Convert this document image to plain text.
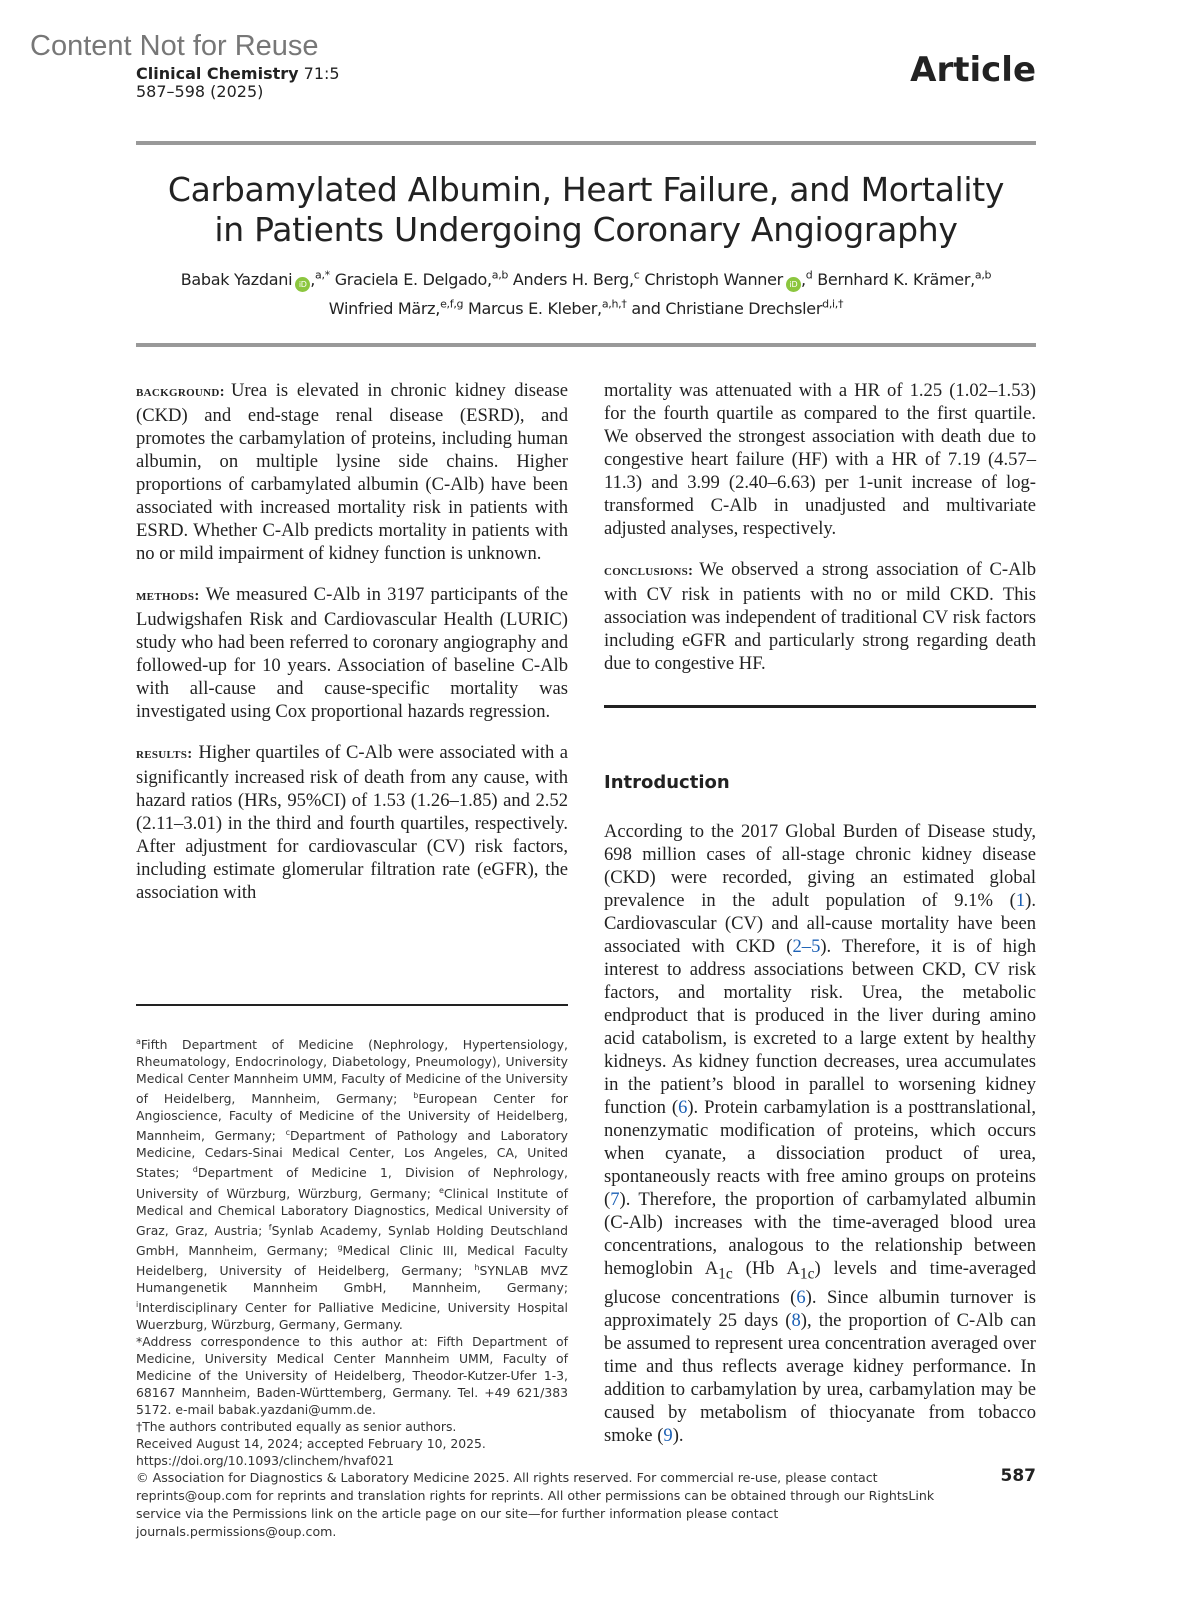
Content Not for Reuse
Clinical Chemistry 71:5
587–598 (2025)
Article
Carbamylated Albumin, Heart Failure, and Mortality
in Patients Undergoing Coronary Angiography
Babak Yazdani iD ,$^{a,*}$ Graciela E. Delgado,$^{a,b}$ Anders H. Berg,$^c$ Christoph Wanner iD ,$^d$ Bernhard K. Krämer,$^{a,b}$
Winfried März,$^{e,f,g}$ Marcus E. Kleber,$^{a,h,\dagger}$ and Christiane Drechsler$^{d,i,\dagger}$

background: Urea is elevated in chronic kidney disease (CKD) and end-stage renal disease (ESRD), and promotes the carbamylation of proteins, including human albumin, on multiple lysine side chains. Higher proportions of carbamylated albumin (C-Alb) have been associated with increased mortality risk in patients with ESRD. Whether C-Alb predicts mortality in patients with no or mild impairment of kidney function is unknown.

methods: We measured C-Alb in 3197 participants of the Ludwigshafen Risk and Cardiovascular Health (LURIC) study who had been referred to coronary angiography and followed-up for 10 years. Association of baseline C-Alb with all-cause and cause-specific mortality was investigated using Cox proportional hazards regression.

results: Higher quartiles of C-Alb were associated with a significantly increased risk of death from any cause, with hazard ratios (HRs, 95%CI) of 1.53 (1.26–1.85) and 2.52 (2.11–3.01) in the third and fourth quartiles, respectively. After adjustment for cardiovascular (CV) risk factors, including estimate glomerular filtration rate (eGFR), the association with

$^a$Fifth Department of Medicine (Nephrology, Hypertensiology, Rheumatology, Endocrinology, Diabetology, Pneumology), University Medical Center Mannheim UMM, Faculty of Medicine of the University of Heidelberg, Mannheim, Germany; $^b$European Center for Angioscience, Faculty of Medicine of the University of Heidelberg, Mannheim, Germany; $^c$Department of Pathology and Laboratory Medicine, Cedars-Sinai Medical Center, Los Angeles, CA, United States; $^d$Department of Medicine 1, Division of Nephrology, University of Würzburg, Würzburg, Germany; $^e$Clinical Institute of Medical and Chemical Laboratory Diagnostics, Medical University of Graz, Graz, Austria; $^f$Synlab Academy, Synlab Holding Deutschland GmbH, Mannheim, Germany; $^g$Medical Clinic III, Medical Faculty Heidelberg, University of Heidelberg, Germany; $^h$SYNLAB MVZ Humangenetik Mannheim GmbH, Mannheim, Germany; $^i$Interdisciplinary Center for Palliative Medicine, University Hospital Wuerzburg, Würzburg, Germany, Germany.

*Address correspondence to this author at: Fifth Department of Medicine, University Medical Center Mannheim UMM, Faculty of Medicine of the University of Heidelberg, Theodor-Kutzer-Ufer 1-3, 68167 Mannheim, Baden-Württemberg, Germany. Tel. +49 621/383 5172. e-mail babak.yazdani@umm.de.

†The authors contributed equally as senior authors.

Received August 14, 2024; accepted February 10, 2025.

https://doi.org/10.1093/clinchem/hvaf021

mortality was attenuated with a HR of 1.25 (1.02–1.53) for the fourth quartile as compared to the first quartile. We observed the strongest association with death due to congestive heart failure (HF) with a HR of 7.19 (4.57–11.3) and 3.99 (2.40–6.63) per 1-unit increase of log-transformed C-Alb in unadjusted and multivariate adjusted analyses, respectively.

conclusions: We observed a strong association of C-Alb with CV risk in patients with no or mild CKD. This association was independent of traditional CV risk factors including eGFR and particularly strong regarding death due to congestive HF.

Introduction

According to the 2017 Global Burden of Disease study, 698 million cases of all-stage chronic kidney disease (CKD) were recorded, giving an estimated global prevalence in the adult population of 9.1% (1). Cardiovascular (CV) and all-cause mortality have been associated with CKD (2–5). Therefore, it is of high interest to address associations between CKD, CV risk factors, and mortality risk. Urea, the metabolic endproduct that is produced in the liver during amino acid catabolism, is excreted to a large extent by healthy kidneys. As kidney function decreases, urea accumulates in the patient’s blood in parallel to worsening kidney function (6). Protein carbamylation is a posttranslational, nonenzymatic modification of proteins, which occurs when cyanate, a dissociation product of urea, spontaneously reacts with free amino groups on proteins (7). Therefore, the proportion of carbamylated albumin (C-Alb) increases with the time-averaged blood urea concentrations, analogous to the relationship between hemoglobin $A_{1c}$ (Hb $A_{1c}$) levels and time-averaged glucose concentrations (6). Since albumin turnover is approximately 25 days (8), the proportion of C-Alb can be assumed to represent urea concentration averaged over time and thus reflects average kidney performance. In addition to carbamylation by urea, carbamylation may be caused by metabolism of thiocyanate from tobacco smoke (9).

© Association for Diagnostics & Laboratory Medicine 2025. All rights reserved. For commercial re-use, please contact reprints@oup.com for reprints and translation rights for reprints. All other permissions can be obtained through our RightsLink service via the Permissions link on the article page on our site—for further information please contact journals.permissions@oup.com.
587
